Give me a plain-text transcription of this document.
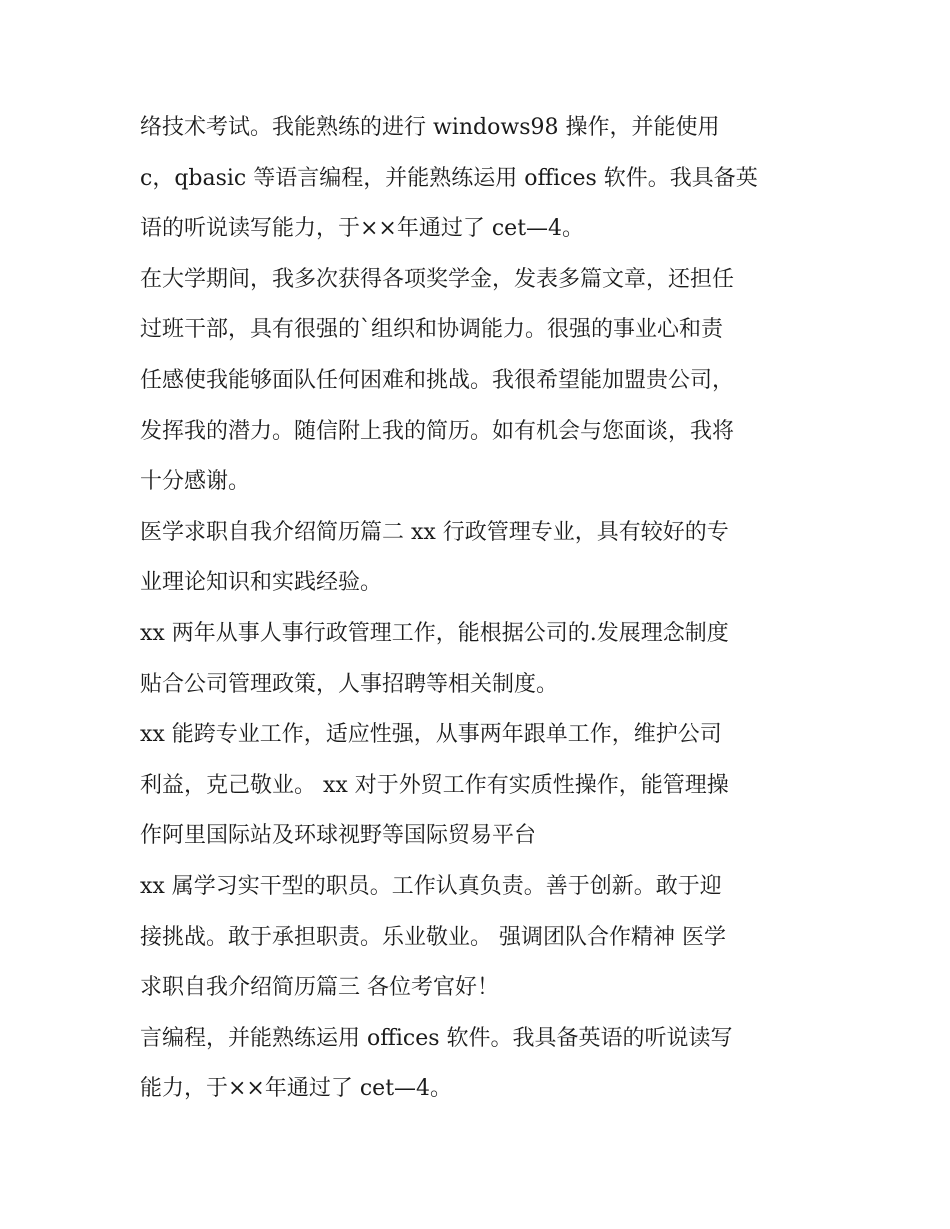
络技术考试。我能熟练的进行 windows98 操作，并能使用
c，qbasic 等语言编程，并能熟练运用 offices 软件。我具备英
语的听说读写能力，于××年通过了 cet—4。
在大学期间，我多次获得各项奖学金，发表多篇文章，还担任
过班干部，具有很强的`组织和协调能力。很强的事业心和责
任感使我能够面队任何困难和挑战。我很希望能加盟贵公司，
发挥我的潜力。随信附上我的简历。如有机会与您面谈，我将
十分感谢。
医学求职自我介绍简历篇二 xx 行政管理专业，具有较好的专
业理论知识和实践经验。
xx 两年从事人事行政管理工作，能根据公司的.发展理念制度
贴合公司管理政策，人事招聘等相关制度。
xx 能跨专业工作，适应性强，从事两年跟单工作，维护公司
利益，克己敬业。 xx 对于外贸工作有实质性操作，能管理操
作阿里国际站及环球视野等国际贸易平台
xx 属学习实干型的职员。工作认真负责。善于创新。敢于迎
接挑战。敢于承担职责。乐业敬业。 强调团队合作精神 医学
求职自我介绍简历篇三 各位考官好！
言编程，并能熟练运用 offices 软件。我具备英语的听说读写
能力，于××年通过了 cet—4。
